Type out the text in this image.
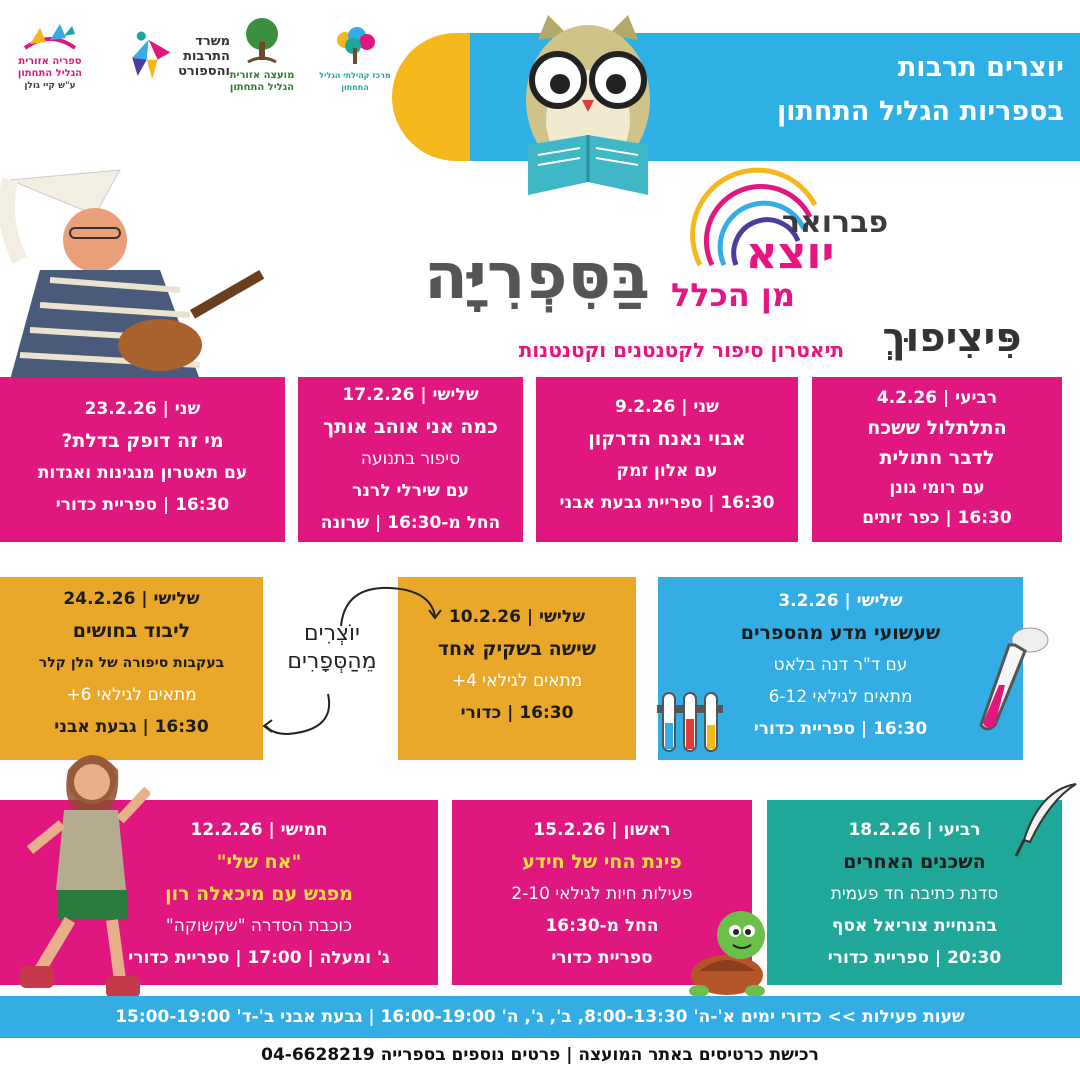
ספריה אזורית
הגליל התחתון
ע"ש קיי גולן
משרד
התרבות
והספורט מועצה אזורית
הגליל התחתון
מרכז קהילתי הגליל התחתון
יוצרים תרבות
בספריות הגליל התחתון
פברואר
יוצא
מן הכלל
בַּסִּפְרִיָּה
פִּיצִיפוּךְ
תיאטרון סיפור לקטנטנים וקטנטנות
רביעי | 4.2.26
התלתלול ששכח
לדבר חתולית
עם רומי גונן
16:30 | כפר זיתים
שני | 9.2.26
אבוי נאנח הדרקון
עם אלון זמק
16:30 | ספריית גבעת אבני
שלישי | 17.2.26
כמה אני אוהב אותך
סיפור בתנועה
עם שירלי לרנר
החל מ-16:30 | שרונה
שני | 23.2.26
מי זה דופק בדלת?
עם תאטרון מנגינות ואגדות
16:30 | ספריית כדורי
שלישי | 3.2.26
שעשועי מדע מהספרים
עם ד"ר דנה בלאט
מתאים לגילאי 6-12
16:30 | ספריית כדורי
שלישי | 10.2.26
שישה בשקיק אחד
מתאים לגילאי 4+
16:30 | כדורי
שלישי | 24.2.26
ליבוד בחושים
בעקבות סיפורה של הלן קלר
מתאים לגילאי 6+
16:30 | גבעת אבני
יוֹצְרִים
מֵהַסְּפָרִים
רביעי | 18.2.26
השכנים האחרים
סדנת כתיבה חד פעמית
בהנחיית צוריאל אסף
20:30 | ספריית כדורי
ראשון | 15.2.26
פינת החי של חידע
פעילות חיות לגילאי 2-10
החל מ-16:30
ספריית כדורי
חמישי | 12.2.26
"אח שלי"
מפגש עם מיכאלה רון
כוכבת הסדרה "שקשוקה"
ג' ומעלה | 17:00 | ספריית כדורי
שעות פעילות >> כדורי ימים א'-ה' 8:00-13:30, ב', ג', ה' 16:00-19:00 | גבעת אבני ב'-ד' 15:00-19:00
רכישת כרטיסים באתר המועצה | פרטים נוספים בספרייה 04-6628219
